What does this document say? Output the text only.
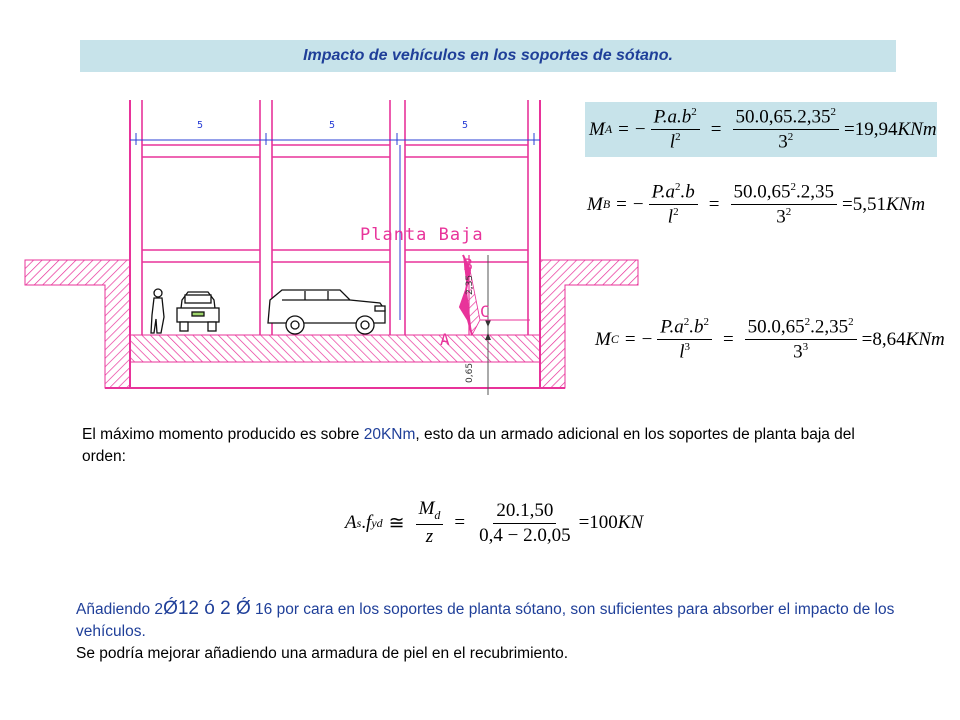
Impacto de vehículos en los soportes de sótano.
5	5	5
Planta Baja
2,35
0,65
B
C
A
M A = − $\frac{P.a.b^2}{l^2} = \frac{50.0,65.2,35^2}{3^2} =19,94$ KNm
M B = − $\frac{P.a^2.b}{l^2} = \frac{50.0,65^2.2,35}{3^2} =5,51$ KNm
M C = − $\frac{P.a^2.b^2}{l^3} = \frac{50.0,65^2.2,35^2}{3^3} =8,64$ KNm
El máximo momento producido es sobre 20KNm, esto da un armado adicional en los soportes de planta baja del orden:
A s . f yd ≅ $\frac{M_d}{z} = \frac{20.1,50}{0,4 - 2.0,05} =100$ KN
Añadiendo 2Ǿ12 ó 2 Ǿ 16 por cara en los soportes de planta sótano, son suficientes para absorber el impacto de los vehículos.
Se podría mejorar añadiendo una armadura de piel en el recubrimiento.
